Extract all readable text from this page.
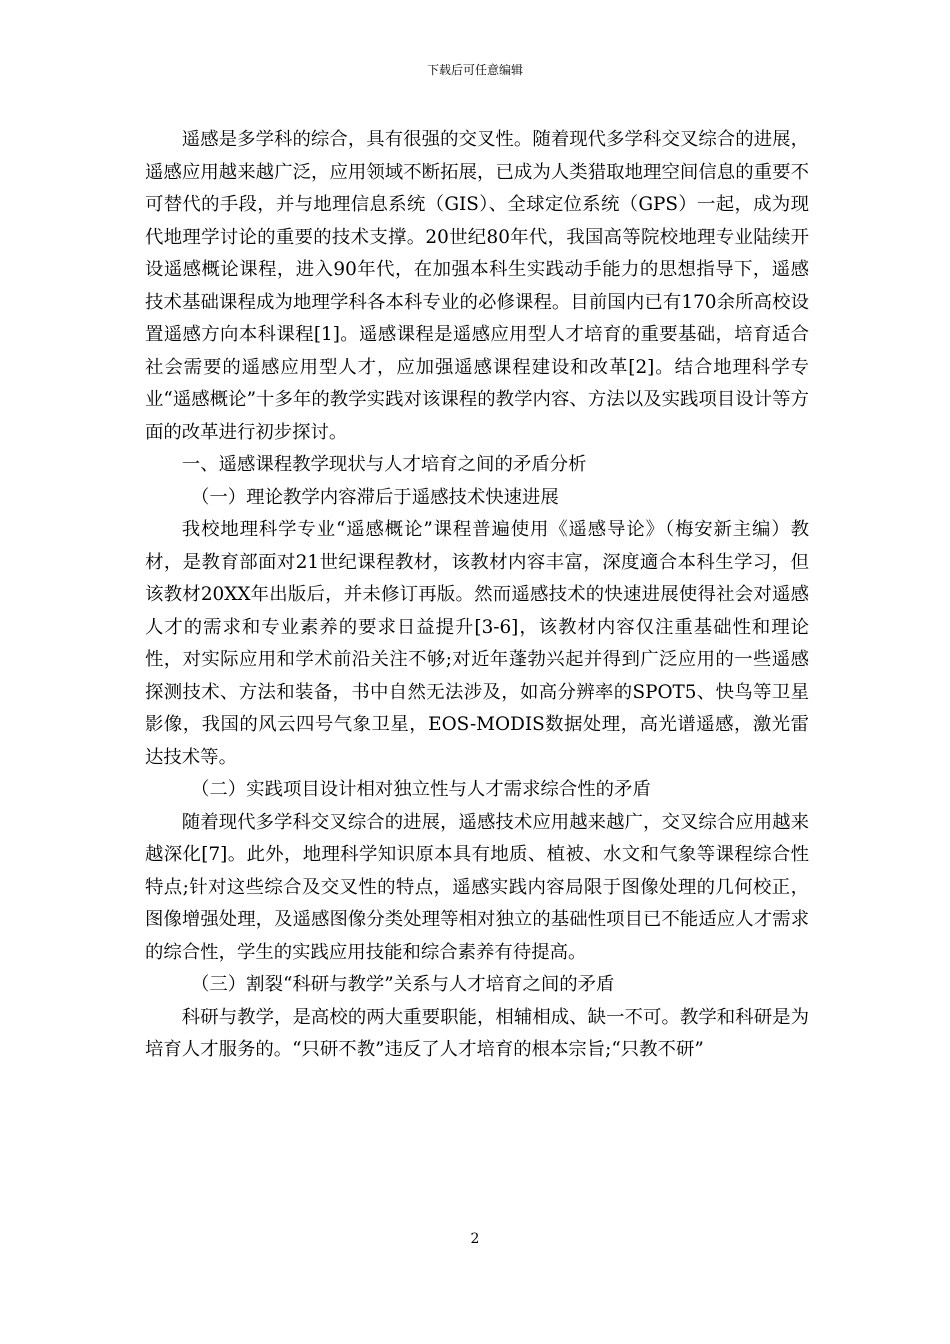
下载后可任意编辑

遥感是多学科的综合，具有很强的交叉性。随着现代多学科交叉综合的进展，遥感应用越来越广泛，应用领域不断拓展，已成为人类猎取地理空间信息的重要不可替代的手段，并与地理信息系统（GIS）、全球定位系统（GPS）一起，成为现代地理学讨论的重要的技术支撑。20世纪80年代，我国高等院校地理专业陆续开设遥感概论课程，进入90年代，在加强本科生实践动手能力的思想指导下，遥感技术基础课程成为地理学科各本科专业的必修课程。目前国内已有170余所高校设置遥感方向本科课程[1]。遥感课程是遥感应用型人才培育的重要基础，培育适合社会需要的遥感应用型人才，应加强遥感课程建设和改革[2]。结合地理科学专业“遥感概论”十多年的教学实践对该课程的教学内容、方法以及实践项目设计等方面的改革进行初步探讨。

一、遥感课程教学现状与人才培育之间的矛盾分析

（一）理论教学内容滞后于遥感技术快速进展

我校地理科学专业“遥感概论”课程普遍使用《遥感导论》（梅安新主编）教材，是教育部面对21世纪课程教材，该教材内容丰富，深度適合本科生学习，但该教材20XX年出版后，并未修订再版。然而遥感技术的快速进展使得社会对遥感人才的需求和专业素养的要求日益提升[3-6]，该教材内容仅注重基础性和理论性，对实际应用和学术前沿关注不够;对近年蓬勃兴起并得到广泛应用的一些遥感探测技术、方法和装备，书中自然无法涉及，如高分辨率的SPOT5、快鸟等卫星影像，我国的风云四号气象卫星，EOS-MODIS数据处理，高光谱遥感，激光雷达技术等。

（二）实践项目设计相对独立性与人才需求综合性的矛盾

随着现代多学科交叉综合的进展，遥感技术应用越来越广，交叉综合应用越来越深化[7]。此外，地理科学知识原本具有地质、植被、水文和气象等课程综合性特点;针对这些综合及交叉性的特点，遥感实践内容局限于图像处理的几何校正，图像增强处理，及遥感图像分类处理等相对独立的基础性项目已不能适应人才需求的综合性，学生的实践应用技能和综合素养有待提高。

（三）割裂“科研与教学”关系与人才培育之间的矛盾

科研与教学，是高校的两大重要职能，相辅相成、缺一不可。教学和科研是为培育人才服务的。“只研不教”违反了人才培育的根本宗旨;“只教不研”

2
